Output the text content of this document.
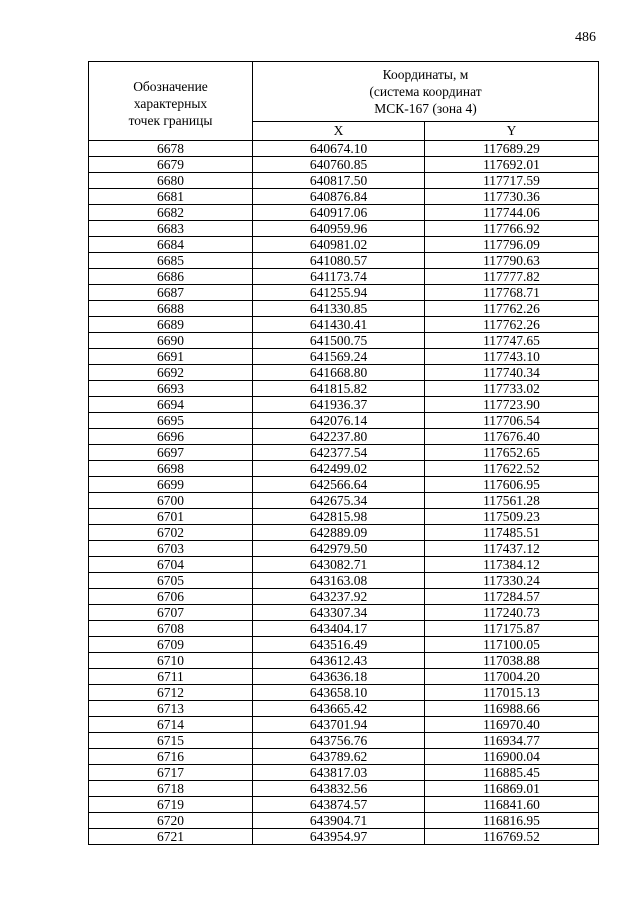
486
Обозначение
характерных
точек границы	Координаты, м
(система координат
МСК-167 (зона 4)	

	X	Y
6678	640674.10	117689.29
6679	640760.85	117692.01
6680	640817.50	117717.59
6681	640876.84	117730.36
6682	640917.06	117744.06
6683	640959.96	117766.92
6684	640981.02	117796.09
6685	641080.57	117790.63
6686	641173.74	117777.82
6687	641255.94	117768.71
6688	641330.85	117762.26
6689	641430.41	117762.26
6690	641500.75	117747.65
6691	641569.24	117743.10
6692	641668.80	117740.34
6693	641815.82	117733.02
6694	641936.37	117723.90
6695	642076.14	117706.54
6696	642237.80	117676.40
6697	642377.54	117652.65
6698	642499.02	117622.52
6699	642566.64	117606.95
6700	642675.34	117561.28
6701	642815.98	117509.23
6702	642889.09	117485.51
6703	642979.50	117437.12
6704	643082.71	117384.12
6705	643163.08	117330.24
6706	643237.92	117284.57
6707	643307.34	117240.73
6708	643404.17	117175.87
6709	643516.49	117100.05
6710	643612.43	117038.88
6711	643636.18	117004.20
6712	643658.10	117015.13
6713	643665.42	116988.66
6714	643701.94	116970.40
6715	643756.76	116934.77
6716	643789.62	116900.04
6717	643817.03	116885.45
6718	643832.56	116869.01
6719	643874.57	116841.60
6720	643904.71	116816.95
6721	643954.97	116769.52
